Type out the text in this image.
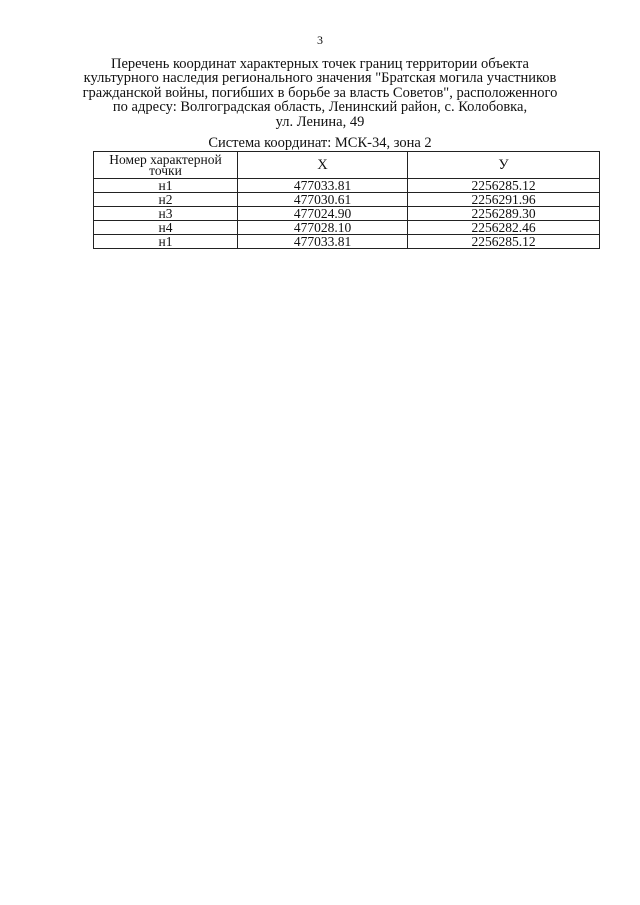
3
Перечень координат характерных точек границ территории объекта
культурного наследия регионального значения "Братская могила участников
гражданской войны, погибших в борьбе за власть Советов", расположенного
по адресу: Волгоградская область, Ленинский район, с. Колобовка,
ул. Ленина, 49
Система координат: МСК-34, зона 2
Номер характерной
точки	Х	У
н1	477033.81	2256285.12
н2	477030.61	2256291.96
н3	477024.90	2256289.30
н4	477028.10	2256282.46
н1	477033.81	2256285.12
